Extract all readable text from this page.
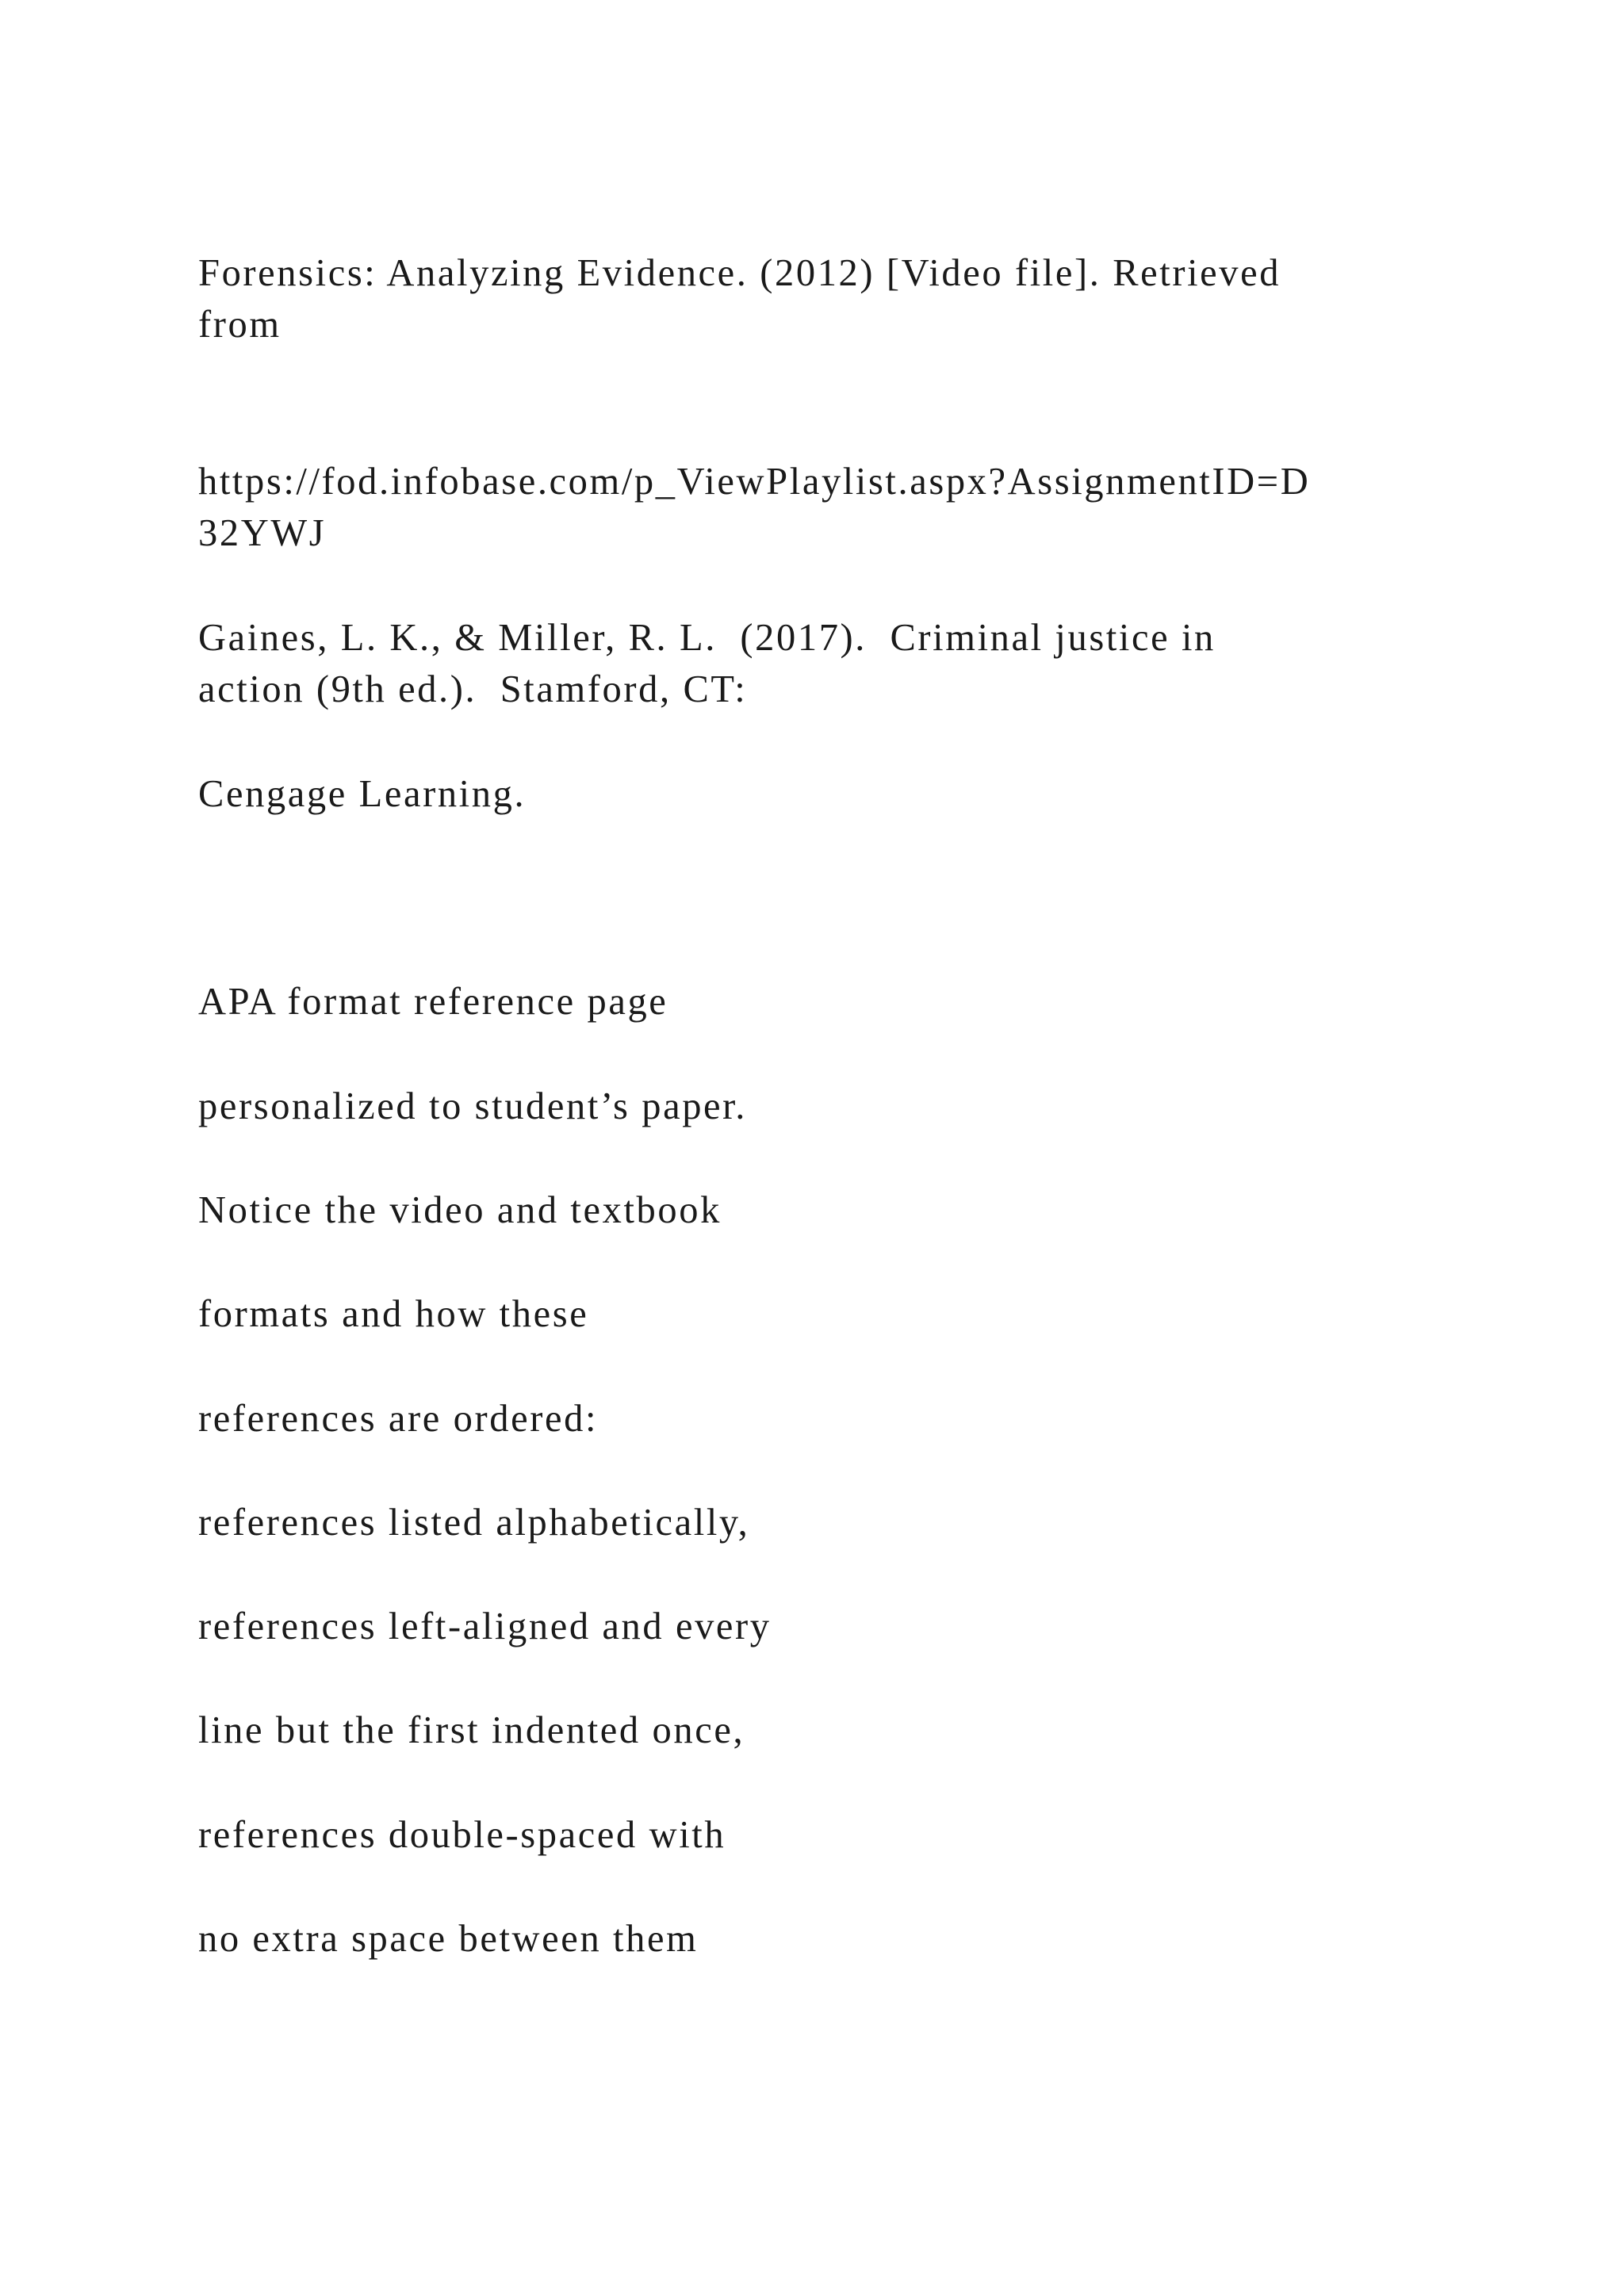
Forensics: Analyzing Evidence. (2012) [Video file]. Retrieved

from

https://fod.infobase.com/p_ViewPlaylist.aspx?AssignmentID=D

32YWJ

Gaines, L. K., & Miller, R. L.  (2017).  Criminal justice in

action (9th ed.).  Stamford, CT:

Cengage Learning.

APA format reference page

personalized to student’s paper.

Notice the video and textbook

formats and how these

references are ordered:

references listed alphabetically,

references left-aligned and every

line but the first indented once,

references double-spaced with

no extra space between them
